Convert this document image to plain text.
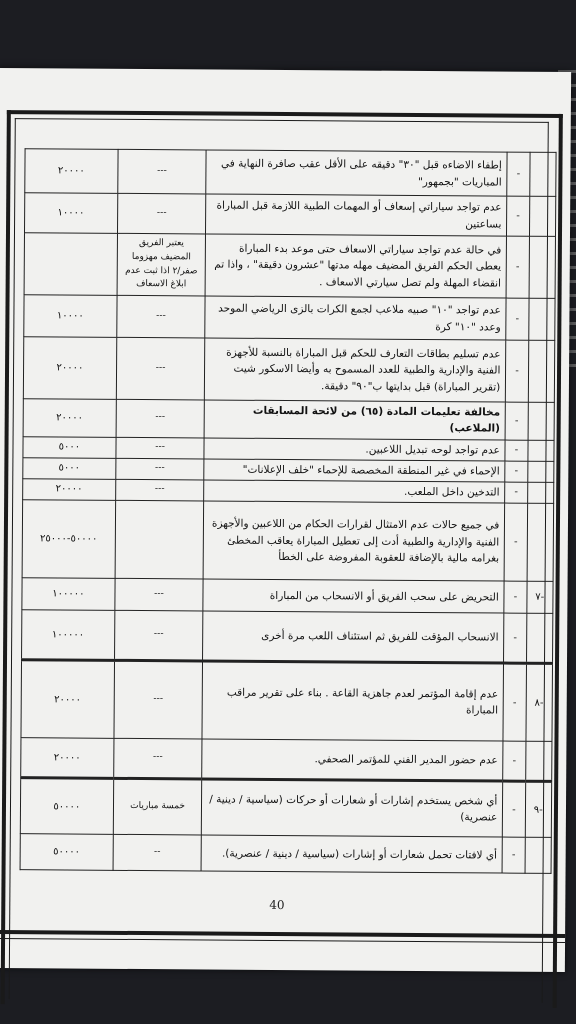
	-	إطفاء الاضاءه قبل "٣٠" دقيقه على الأقل عقب صافرة النهاية في المباريات "بجمهور"	---	٢٠٠٠٠
	-	عدم تواجد سياراتي إسعاف أو المهمات الطبية اللازمة قبل المباراة بساعتين	---	١٠٠٠٠
	-	في حالة عدم تواجد سياراتي الاسعاف حتى موعد بدء المباراة يعطى الحكم الفريق المضيف مهله مدتها "عشرون دقيقة" ، واذا تم انقضاء المهلة ولم تصل سيارتي الاسعاف .	يعتبر الفريق المضيف مهزوما صفر/٢ اذا ثبت عدم ابلاغ الاسعاف	
	-	عدم تواجد "١٠" صبيه ملاعب لجمع الكرات بالزى الرياضي الموحد وعدد "١٠" كرة	---	١٠٠٠٠
	-	عدم تسليم بطاقات التعارف للحكم قبل المباراة بالنسبة للأجهزة الفنية والإدارية والطبية للعدد المسموح به وأيضا الاسكور شيت (تقرير المباراة) قبل بدايتها ب"٩٠" دقيقة.	---	٢٠٠٠٠
	-	مخالفة تعليمات المادة (٦٥) من لائحة المسابقات (الملاعب)	---	٢٠٠٠٠
	-	عدم تواجد لوحه تبديل اللاعبين.	---	٥٠٠٠
	-	الإحماء في غير المنطقة المخصصة للإحماء "خلف الإعلانات"	---	٥٠٠٠
	-	التدخين داخل الملعب.	---	٢٠٠٠٠
	-	في جميع حالات عدم الامتثال لقرارات الحكام من اللاعبين والأجهزة الفنية والإدارية والطبية أدت إلى تعطيل المباراة يعاقب المخطئ بغرامه مالية بالإضافة للعقوبة المفروضة على الخطأ		٥٠٠٠٠-٢٥٠٠٠
-٧	-	التحريض على سحب الفريق أو الانسحاب من المباراة	---	١٠٠٠٠٠
	-	الانسحاب المؤقت للفريق ثم استئناف اللعب مرة أخرى	---	١٠٠٠٠٠
-٨	-	عدم إقامة المؤتمر لعدم جاهزية القاعة . بناء على تقرير مراقب المباراة	---	٢٠٠٠٠
	-	عدم حضور المدير الفني للمؤتمر الصحفي.	---	٢٠٠٠٠
-٩	-	أي شخص يستخدم إشارات أو شعارات أو حركات (سياسية / دينية / عنصرية)	خمسة مباريات	٥٠٠٠٠
	-	أي لافتات تحمل شعارات أو إشارات (سياسية / دينية / عنصرية).	--	٥٠٠٠٠
40
